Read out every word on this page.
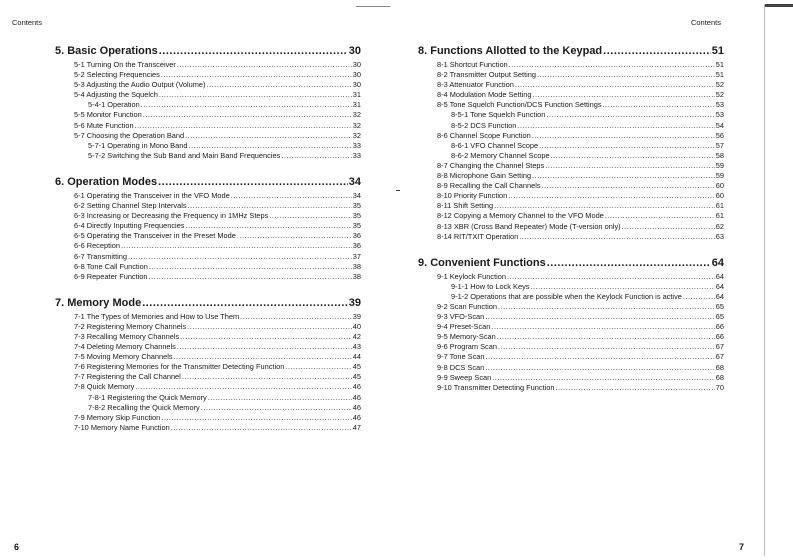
Contents	Contents
5. Basic Operations .....	30
5-1 Turning On the Transceiver .....	30
5-2 Selecting Frequencies .....	30
5-3 Adjusting the Audio Output (Volume) .....	30
5-4 Adjusting the Squelch .....	31
5-4-1 Operation .....	31
5-5 Monitor Function .....	32
5-6 Mute Function .....	32
5-7 Choosing the Operation Band .....	32
5-7-1 Operating in Mono Band .....	33
5-7-2 Switching the Sub Band and Main Band Frequencies .....	33
6. Operation Modes .....	34
6-1 Operating the Transceiver in the VFO Mode .....	34
6-2 Setting Channel Step Intervals .....	35
6-3 Increasing or Decreasing the Frequency in 1MHz Steps .....	35
6-4 Directly Inputting Frequencies .....	35
6-5 Operating the Transceiver in the Preset Mode .....	36
6-6 Reception .....	36
6-7 Transmitting .....	37
6-8 Tone Call Function .....	38
6-9 Repeater Function .....	38
7. Memory Mode .....	39
7-1 The Types of Memories and How to Use Them .....	39
7-2 Registering Memory Channels .....	40
7-3 Recalling Memory Channels .....	42
7-4 Deleting Memory Channels .....	43
7-5 Moving Memory Channels .....	44
7-6 Registering Memories for the Transmitter Detecting Function .....	45
7-7 Registering the Call Channel .....	45
7-8 Quick Memory .....	46
7-8-1 Registering the Quick Memory .....	46
7-8-2 Recalling the Quick Memory .....	46
7-9 Memory Skip Function .....	46
7-10 Memory Name Function .....	47
8. Functions Allotted to the Keypad .....	51
8-1 Shortcut Function .....	51
8-2 Transmitter Output Setting .....	51
8-3 Attenuator Function .....	52
8-4 Modulation Mode Setting .....	52
8-5 Tone Squelch Function/DCS Function Settings .....	53
8-5-1 Tone Squelch Function .....	53
8-5-2 DCS Function .....	54
8-6 Channel Scope Function .....	56
8-6-1 VFO Channel Scope .....	57
8-6-2 Memory Channel Scope .....	58
8-7 Changing the Channel Steps .....	59
8-8 Microphone Gain Setting .....	59
8-9 Recalling the Call Channels .....	60
8-10 Priority Function .....	60
8-11 Shift Setting .....	61
8-12 Copying a Memory Channel to the VFO Mode .....	61
8-13 XBR (Cross Band Repeater) Mode (T-version only) .....	62
8-14 RIT/TXIT Operation .....	63
9. Convenient Functions .....	64
9-1 Keylock Function .....	64
9-1-1 How to Lock Keys .....	64
9-1-2 Operations that are possible when the Keylock Function is active .....	64
9-2 Scan Function .....	65
9-3 VFO-Scan .....	65
9-4 Preset-Scan .....	66
9-5 Memory-Scan .....	66
9-6 Program Scan .....	67
9-7 Tone Scan .....	67
9-8 DCS Scan .....	68
9-9 Sweep Scan .....	68
9-10 Transmitter Detecting Function .....	70
6	7
